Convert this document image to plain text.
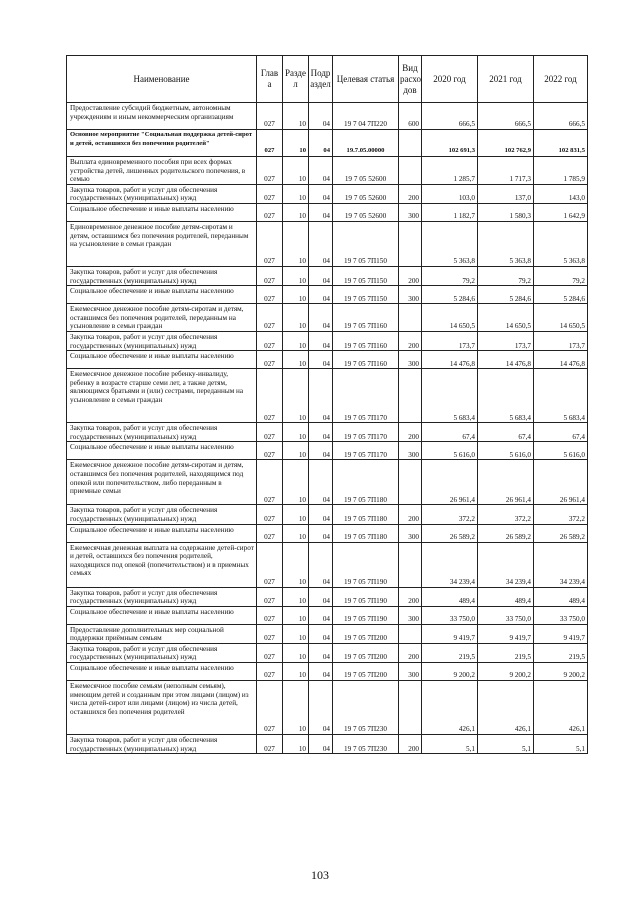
Наименование	Глав а	Разде л	Подр аздел	Целевая статья	Вид расхо дов	2020 год	2021 год	2022 год
Предоставление субсидий бюджетным, автономным учреждениям и иным некоммерческим организациям	027	10	04	19 7 04 7П220	600	666,5	666,5	666,5
Основное мероприятие "Социальная поддержка детей-сирот и детей, оставшихся без попечения родителей"	027	10	04	19.7.05.00000		102 691,3	102 762,9	102 831,5
Выплата единовременного пособия при всех формах устройства детей, лишенных родительского попечения, в семью	027	10	04	19 7 05 52600		1 285,7	1 717,3	1 785,9
Закупка товаров, работ и услуг для обеспечения государственных (муниципальных) нужд	027	10	04	19 7 05 52600	200	103,0	137,0	143,0
Социальное обеспечение и иные выплаты населению	027	10	04	19 7 05 52600	300	1 182,7	1 580,3	1 642,9
Единовременное денежное пособие детям-сиротам и детям, оставшимся без попечения родителей, переданным на усыновление в семьи граждан	027	10	04	19 7 05 7П150		5 363,8	5 363,8	5 363,8
Закупка товаров, работ и услуг для обеспечения государственных (муниципальных) нужд	027	10	04	19 7 05 7П150	200	79,2	79,2	79,2
Социальное обеспечение и иные выплаты населению	027	10	04	19 7 05 7П150	300	5 284,6	5 284,6	5 284,6
Ежемесячное денежное пособие детям-сиротам и детям, оставшимся без попечения родителей, переданным на усыновление в семьи граждан	027	10	04	19 7 05 7П160		14 650,5	14 650,5	14 650,5
Закупка товаров, работ и услуг для обеспечения государственных (муниципальных) нужд	027	10	04	19 7 05 7П160	200	173,7	173,7	173,7
Социальное обеспечение и иные выплаты населению	027	10	04	19 7 05 7П160	300	14 476,8	14 476,8	14 476,8
Ежемесячное денежное пособие ребенку-инвалиду, ребенку в возрасте старше семи лет, а также детям, являющимся братьями и (или) сестрами, переданным на усыновление в семьи граждан	027	10	04	19 7 05 7П170		5 683,4	5 683,4	5 683,4
Закупка товаров, работ и услуг для обеспечения государственных (муниципальных) нужд	027	10	04	19 7 05 7П170	200	67,4	67,4	67,4
Социальное обеспечение и иные выплаты населению	027	10	04	19 7 05 7П170	300	5 616,0	5 616,0	5 616,0
Ежемесячное денежное пособие детям-сиротам и детям, оставшимся без попечения родителей, находящимся под опекой или попечительством, либо переданным в приемные семьи	027	10	04	19 7 05 7П180		26 961,4	26 961,4	26 961,4
Закупка товаров, работ и услуг для обеспечения государственных (муниципальных) нужд	027	10	04	19 7 05 7П180	200	372,2	372,2	372,2
Социальное обеспечение и иные выплаты населению	027	10	04	19 7 05 7П180	300	26 589,2	26 589,2	26 589,2
Ежемесячная денежная выплата на содержание детей-сирот и детей, оставшихся без попечения родителей, находящихся под опекой (попечительством) и в приемных семьях	027	10	04	19 7 05 7П190		34 239,4	34 239,4	34 239,4
Закупка товаров, работ и услуг для обеспечения государственных (муниципальных) нужд	027	10	04	19 7 05 7П190	200	489,4	489,4	489,4
Социальное обеспечение и иные выплаты населению	027	10	04	19 7 05 7П190	300	33 750,0	33 750,0	33 750,0
Предоставление дополнительных мер социальной поддержки приёмным семьям	027	10	04	19 7 05 7П200		9 419,7	9 419,7	9 419,7
Закупка товаров, работ и услуг для обеспечения государственных (муниципальных) нужд	027	10	04	19 7 05 7П200	200	219,5	219,5	219,5
Социальное обеспечение и иные выплаты населению	027	10	04	19 7 05 7П200	300	9 200,2	9 200,2	9 200,2
Ежемесячное пособие семьям (неполным семьям), имеющим детей и созданным при этом лицами (лицом) из числа детей-сирот или лицами (лицом) из числа детей, оставшихся без попечения родителей	027	10	04	19 7 05 7П230		426,1	426,1	426,1
Закупка товаров, работ и услуг для обеспечения государственных (муниципальных) нужд	027	10	04	19 7 05 7П230	200	5,1	5,1	5,1
103
